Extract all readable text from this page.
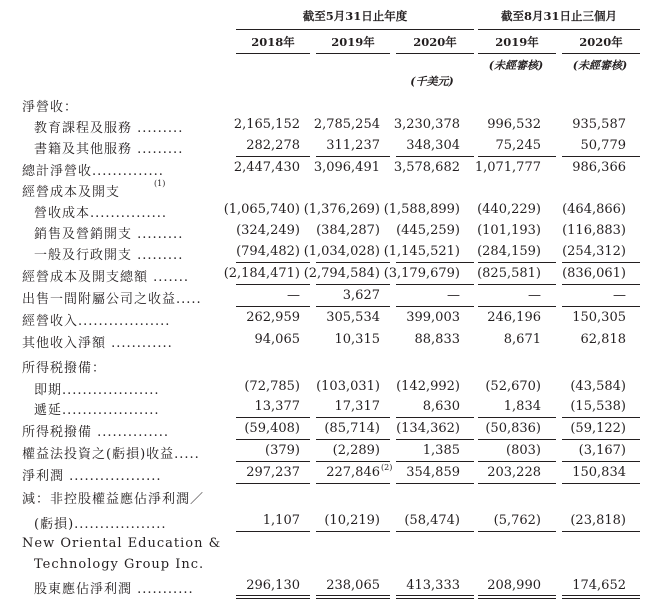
截至5月31日止年度	截至8月31日止三個月
2018年	2019年	2020年	2019年	2020年
(未經審核)	(未經審核)
(千美元)
淨營收：
教育課程及服務 .........	2,165,152 2,785,254 3,230,378 996,532 935,587
書籍及其他服務 .........	282,278 311,237 348,304	75,245	50,779
總計淨營收..............	2,447,430 3,096,491 3,578,682 1,071,777 986,366
經營成本及開支
(1)
營收成本...............	(1,065,740) (1,376,269) (1,588,899) (440,229) (464,866)
銷售及營銷開支 .........	(324,249) (384,287) (445,259) (101,193) (116,883)
一般及行政開支 .........	(794,482) (1,034,028) (1,145,521) (284,159) (254,312)
經營成本及開支總額 .......	(2,184,471) (2,794,584) (3,179,679) (825,581) (836,061)
出售一間附屬公司之收益.....	—	3,627	—	—	—
經營收入..................	262,959 305,534 399,003 246,196 150,305
其他收入淨額 ............	94,065	10,315	88,833	8,671	62,818
所得税撥備：
即期...................	(72,785) (103,031) (142,992) (52,670) (43,584)
遞延...................	13,377	17,317	8,630	1,834 (15,538)
所得税撥備 ..............	(59,408) (85,714) (134,362) (50,836) (59,122)
權益法投資之(虧損)收益.....	(379)	(2,289)	1,385	(803)	(3,167)
淨利潤 ..................	297,237 227,846 (2) 354,859 203,228 150,834
減：非控股權益應佔淨利潤／
(虧損)..................	1,107 (10,219) (58,474)	(5,762) (23,818)
New Oriental Education &
Technology Group Inc.
股東應佔淨利潤 ...........	296,130 238,065 413,333 208,990 174,652
